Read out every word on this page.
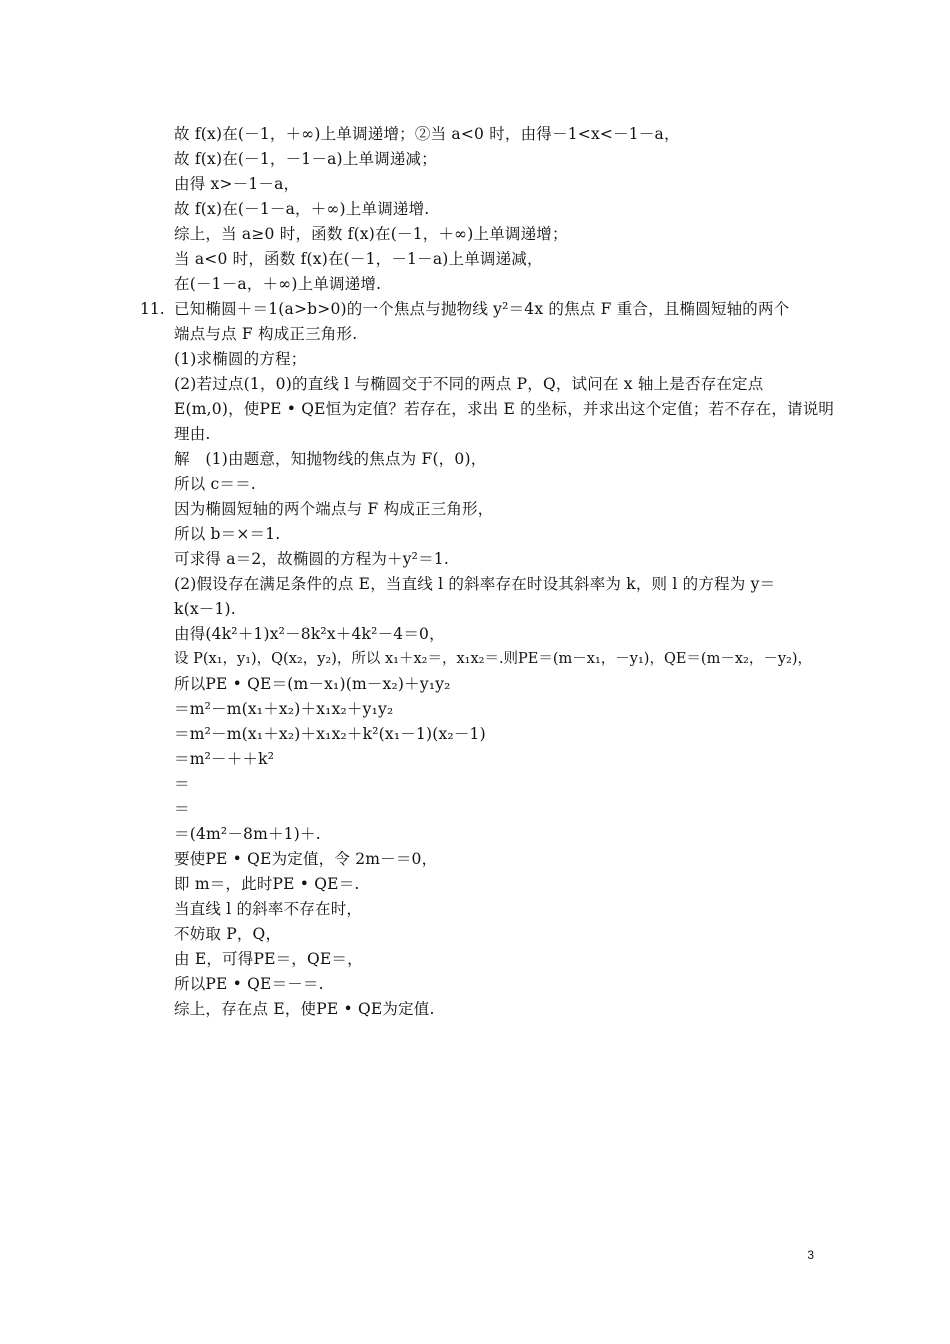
故 f(x)在(－1，＋∞)上单调递增；②当 a<0 时，由得－1<x<－1－a，
故 f(x)在(－1，－1－a)上单调递减；
由得 x>－1－a，
故 f(x)在(－1－a，＋∞)上单调递增.
综上，当 a≥0 时，函数 f(x)在(－1，＋∞)上单调递增；
当 a<0 时，函数 f(x)在(－1，－1－a)上单调递减，
在(－1－a，＋∞)上单调递增.
11. 已知椭圆＋＝1(a>b>0)的一个焦点与抛物线 y²＝4x 的焦点 F 重合，且椭圆短轴的两个
端点与点 F 构成正三角形.
(1)求椭圆的方程；
(2)若过点(1，0)的直线 l 与椭圆交于不同的两点 P，Q，试问在 x 轴上是否存在定点
E(m,0)，使PE • QE恒为定值？若存在，求出 E 的坐标，并求出这个定值；若不存在，请说明
理由.
解　(1)由题意，知抛物线的焦点为 F(，0)，
所以 c＝＝.
因为椭圆短轴的两个端点与 F 构成正三角形，
所以 b＝×＝1.
可求得 a＝2，故椭圆的方程为＋y²＝1.
(2)假设存在满足条件的点 E，当直线 l 的斜率存在时设其斜率为 k，则 l 的方程为 y＝
k(x－1).
由得(4k²＋1)x²－8k²x＋4k²－4＝0，
设 P(x₁，y₁)，Q(x₂，y₂)，所以 x₁＋x₂＝，x₁x₂＝.则PE＝(m－x₁，－y₁)，QE＝(m－x₂，－y₂)，
所以PE • QE＝(m－x₁)(m－x₂)＋y₁y₂
＝m²－m(x₁＋x₂)＋x₁x₂＋y₁y₂
＝m²－m(x₁＋x₂)＋x₁x₂＋k²(x₁－1)(x₂－1)
＝m²－＋＋k²
＝
＝
＝(4m²－8m＋1)＋.
要使PE • QE为定值，令 2m－＝0，
即 m＝，此时PE • QE＝.
当直线 l 的斜率不存在时，
不妨取 P，Q，
由 E，可得PE＝，QE＝，
所以PE • QE＝－＝.
综上，存在点 E，使PE • QE为定值.
3
